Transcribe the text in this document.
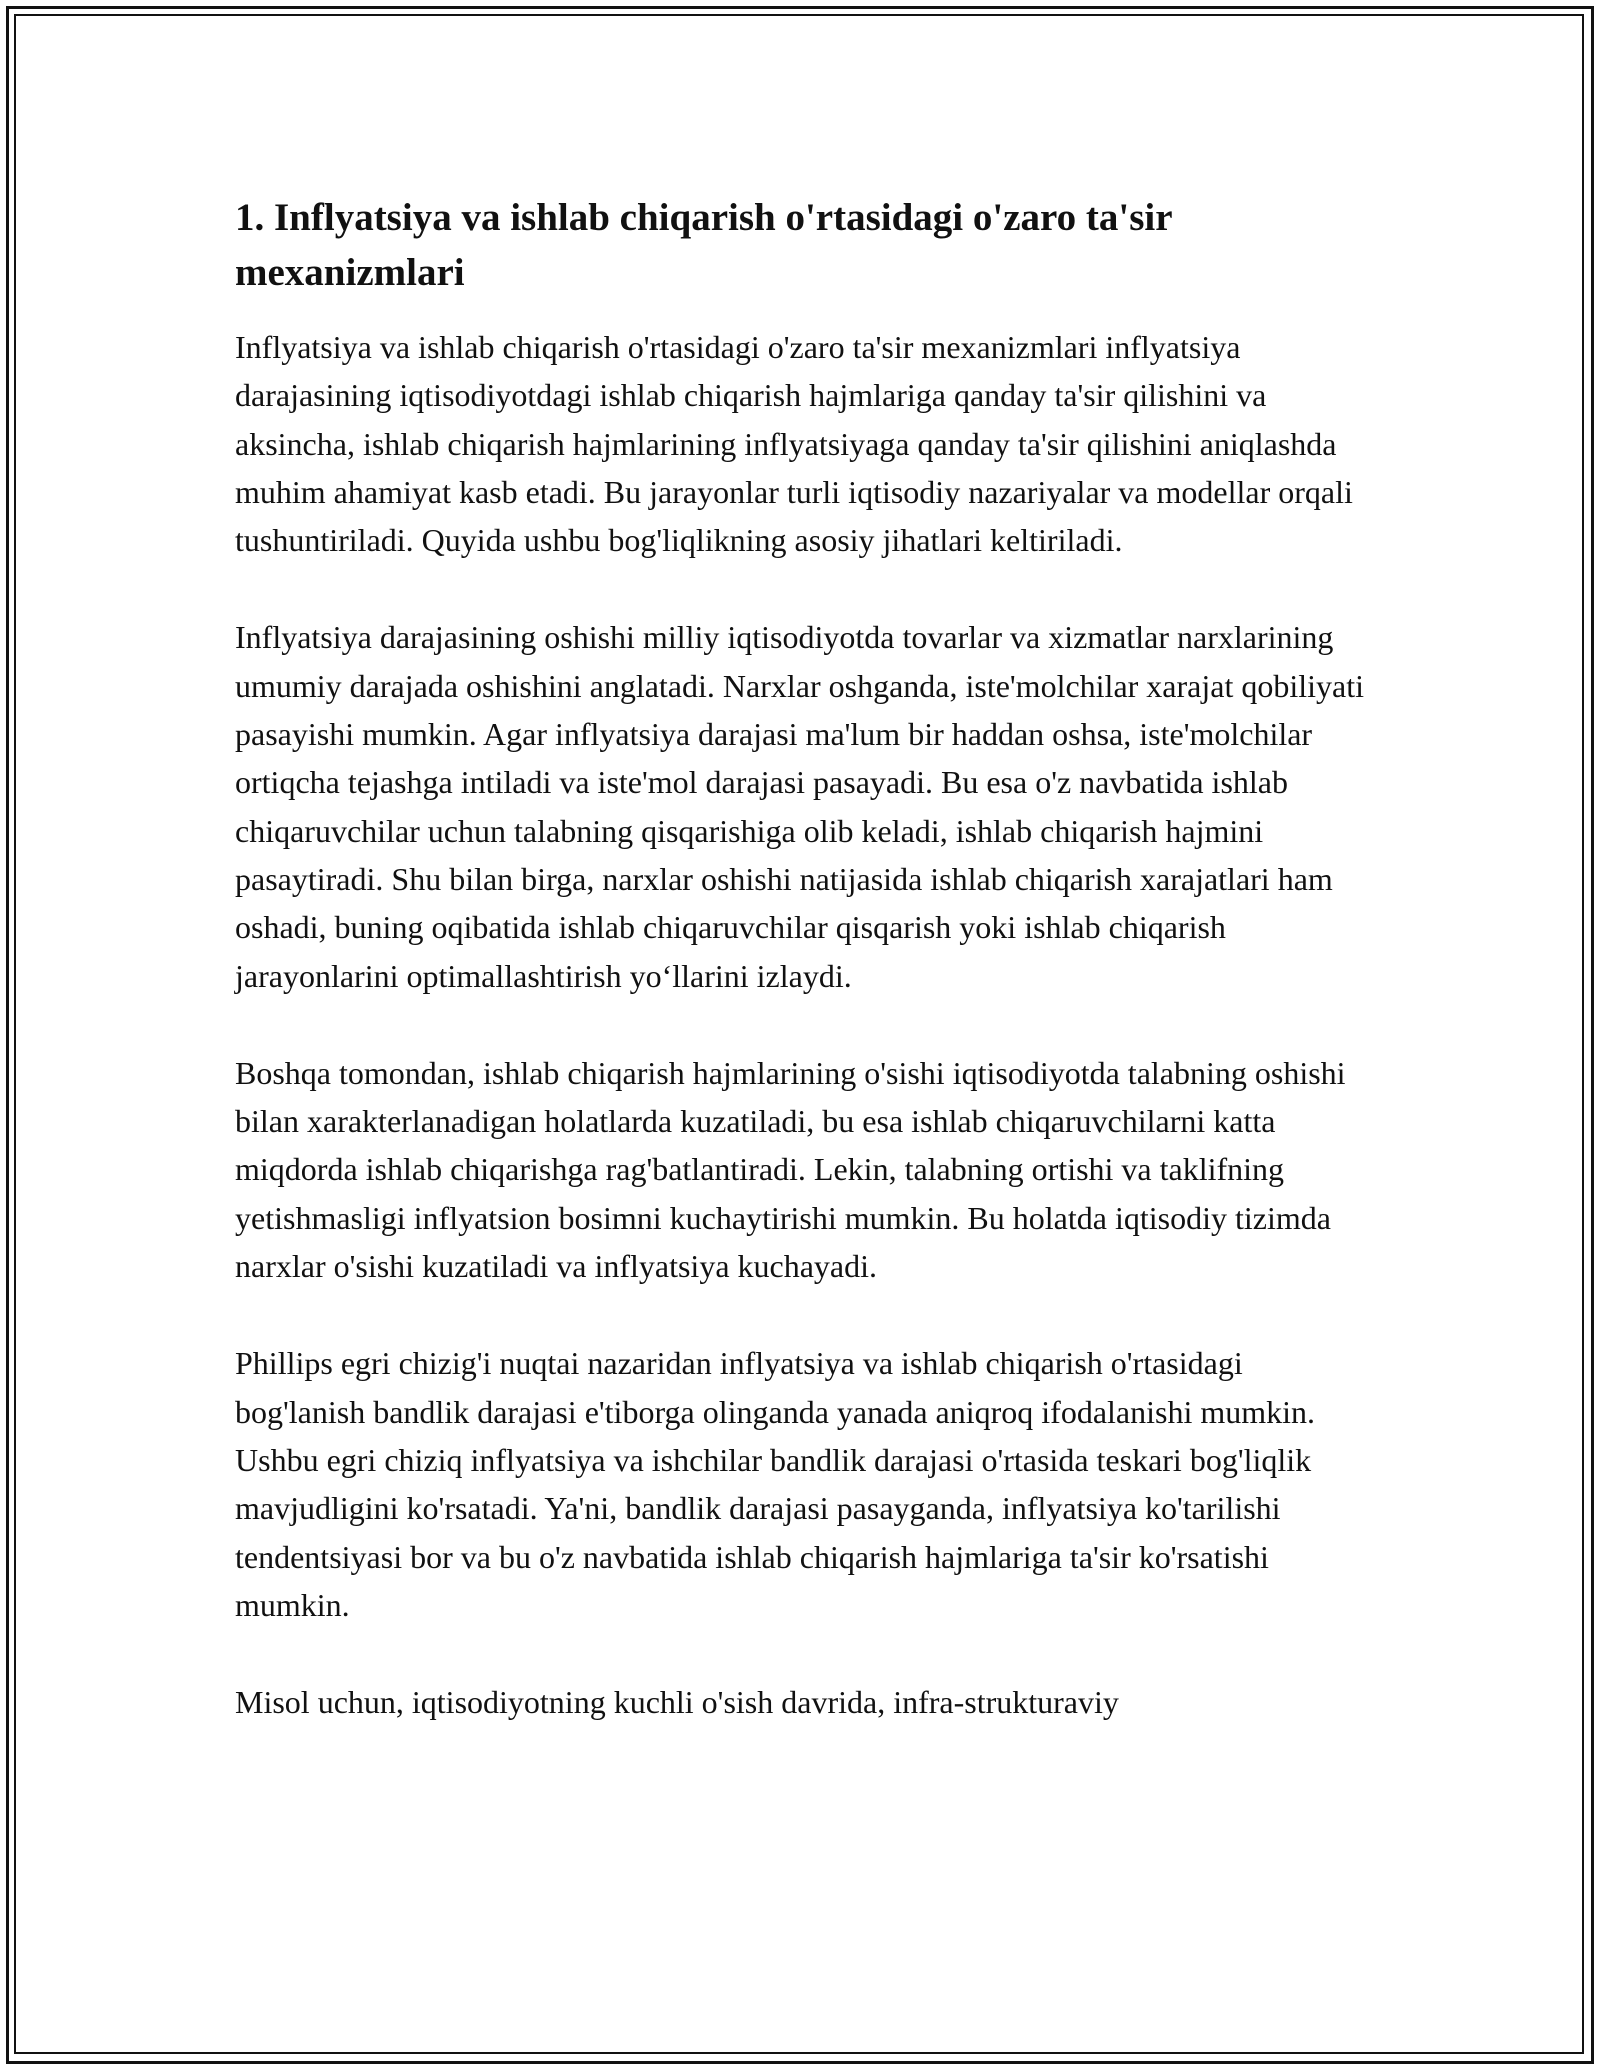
1. Inflyatsiya va ishlab chiqarish o'rtasidagi o'zaro ta'sir mexanizmlari

Inflyatsiya va ishlab chiqarish o'rtasidagi o'zaro ta'sir mexanizmlari inflyatsiya darajasining iqtisodiyotdagi ishlab chiqarish hajmlariga qanday ta'sir qilishini va aksincha, ishlab chiqarish hajmlarining inflyatsiyaga qanday ta'sir qilishini aniqlashda muhim ahamiyat kasb etadi. Bu jarayonlar turli iqtisodiy nazariyalar va modellar orqali tushuntiriladi. Quyida ushbu bog'liqlikning asosiy jihatlari keltiriladi.

Inflyatsiya darajasining oshishi milliy iqtisodiyotda tovarlar va xizmatlar narxlarining umumiy darajada oshishini anglatadi. Narxlar oshganda, iste'molchilar xarajat qobiliyati pasayishi mumkin. Agar inflyatsiya darajasi ma'lum bir haddan oshsa, iste'molchilar ortiqcha tejashga intiladi va iste'mol darajasi pasayadi. Bu esa o'z navbatida ishlab chiqaruvchilar uchun talabning qisqarishiga olib keladi, ishlab chiqarish hajmini pasaytiradi. Shu bilan birga, narxlar oshishi natijasida ishlab chiqarish xarajatlari ham oshadi, buning oqibatida ishlab chiqaruvchilar qisqarish yoki ishlab chiqarish jarayonlarini optimallashtirish yo‘llarini izlaydi.

Boshqa tomondan, ishlab chiqarish hajmlarining o'sishi iqtisodiyotda talabning oshishi bilan xarakterlanadigan holatlarda kuzatiladi, bu esa ishlab chiqaruvchilarni katta miqdorda ishlab chiqarishga rag'batlantiradi. Lekin, talabning ortishi va taklifning yetishmasligi inflyatsion bosimni kuchaytirishi mumkin. Bu holatda iqtisodiy tizimda narxlar o'sishi kuzatiladi va inflyatsiya kuchayadi.

Phillips egri chizig'i nuqtai nazaridan inflyatsiya va ishlab chiqarish o'rtasidagi bog'lanish bandlik darajasi e'tiborga olinganda yanada aniqroq ifodalanishi mumkin. Ushbu egri chiziq inflyatsiya va ishchilar bandlik darajasi o'rtasida teskari bog'liqlik mavjudligini ko'rsatadi. Ya'ni, bandlik darajasi pasayganda, inflyatsiya ko'tarilishi tendentsiyasi bor va bu o'z navbatida ishlab chiqarish hajmlariga ta'sir ko'rsatishi mumkin.

Misol uchun, iqtisodiyotning kuchli o'sish davrida, infra-strukturaviy
